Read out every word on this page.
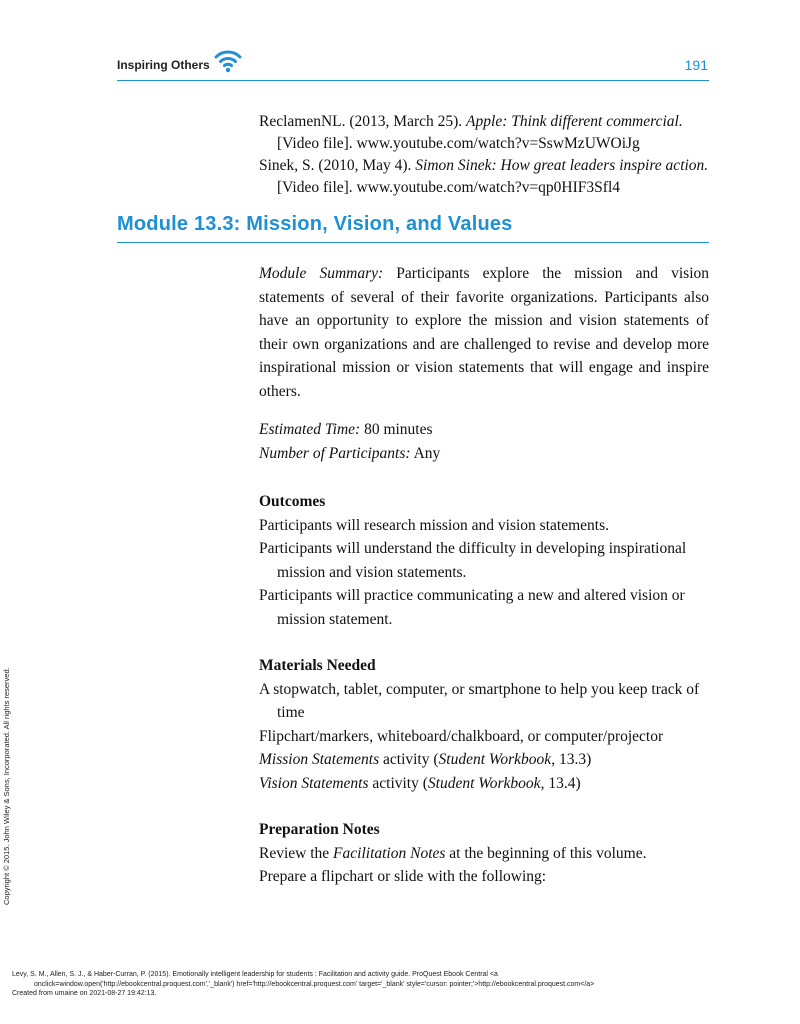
Inspiring Others	191
ReclamenNL. (2013, March 25). Apple: Think different commercial. [Video file]. www.youtube.com/watch?v=SswMzUWOiJg
Sinek, S. (2010, May 4). Simon Sinek: How great leaders inspire action. [Video file]. www.youtube.com/watch?v=qp0HIF3Sfl4
Module 13.3: Mission, Vision, and Values
Module Summary: Participants explore the mission and vision statements of several of their favorite organizations. Participants also have an opportunity to explore the mission and vision statements of their own organizations and are challenged to revise and develop more inspirational mission or vision statements that will engage and inspire others.
Estimated Time: 80 minutes
Number of Participants: Any
Outcomes
Participants will research mission and vision statements.
Participants will understand the difficulty in developing inspirational mission and vision statements.
Participants will practice communicating a new and altered vision or mission statement.
Materials Needed
A stopwatch, tablet, computer, or smartphone to help you keep track of time
Flipchart/markers, whiteboard/chalkboard, or computer/projector
Mission Statements activity (Student Workbook, 13.3)
Vision Statements activity (Student Workbook, 13.4)
Preparation Notes
Review the Facilitation Notes at the beginning of this volume.
Prepare a flipchart or slide with the following:
Copyright © 2015. John Wiley & Sons, Incorporated. All rights reserved.
Levy, S. M., Allen, S. J., & Haber-Curran, P. (2015). Emotionally intelligent leadership for students : Facilitation and activity guide. ProQuest Ebook Central <a
onclick=window.open('http://ebookcentral.proquest.com','_blank') href='http://ebookcentral.proquest.com' target='_blank' style='cursor: pointer;'>http://ebookcentral.proquest.com</a>
Created from umaine on 2021-08-27 19:42:13.
